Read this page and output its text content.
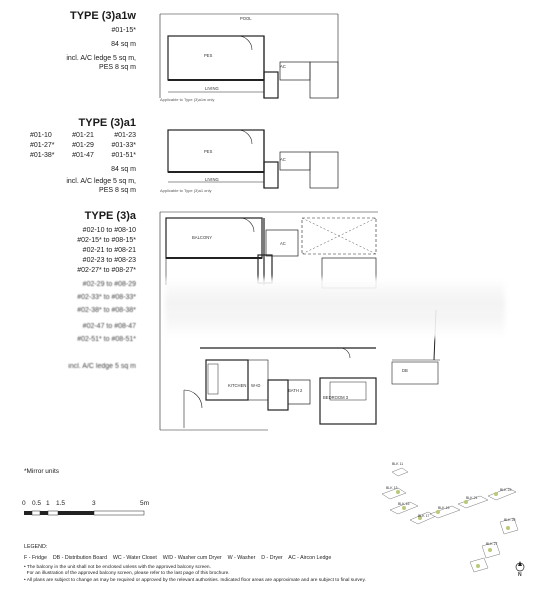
TYPE (3)a1w
#01-15*
84 sq m
incl. A/C ledge 5 sq m,
PES 8 sq m
POOL
PES
LIVING
AC
Applicable to Type (3)a1w only
TYPE (3)a1
#01-10	#01-21	#01-23
#01-27*	#01-29	#01-33*
#01-38*	#01-47	#01-51*
84 sq m
incl. A/C ledge 5 sq m,
PES 8 sq m
PES
LIVING
AC
Applicable to Type (3)a1 only
TYPE (3)a
#02-10 to #08-10
#02-15* to #08-15*
#02-21 to #08-21
#02-23 to #08-23
#02-27* to #08-27*
#02-29 to #08-29
#02-33* to #08-33*
#02-38* to #08-38*
#02-47 to #08-47
#02-51* to #08-51*
incl. A/C ledge 5 sq m
BALCONY
AC
KITCHEN W+D
BATH 2
BEDROOM 3
DB
*Mirror units
0 0.5 1 1.5	3	5m
BLK 11
BLK 13
BLK 15
BLK 17
BLK 19
BLK 21
BLK 23
BLK 25
BLK 27
N
LEGEND:
F - Fridge    DB - Distribution Board    WC - Water Closet    W/D - Washer cum Dryer    W - Washer    D - Dryer    AC - Aircon Ledge
• The balcony in the unit shall not be enclosed unless with the approved balcony screen.
For an illustration of the approved balcony screen, please refer to the last page of this brochure.
• All plans are subject to change as may be required or approved by the relevant authorities. Indicated floor areas are approximate and are subject to final survey.
